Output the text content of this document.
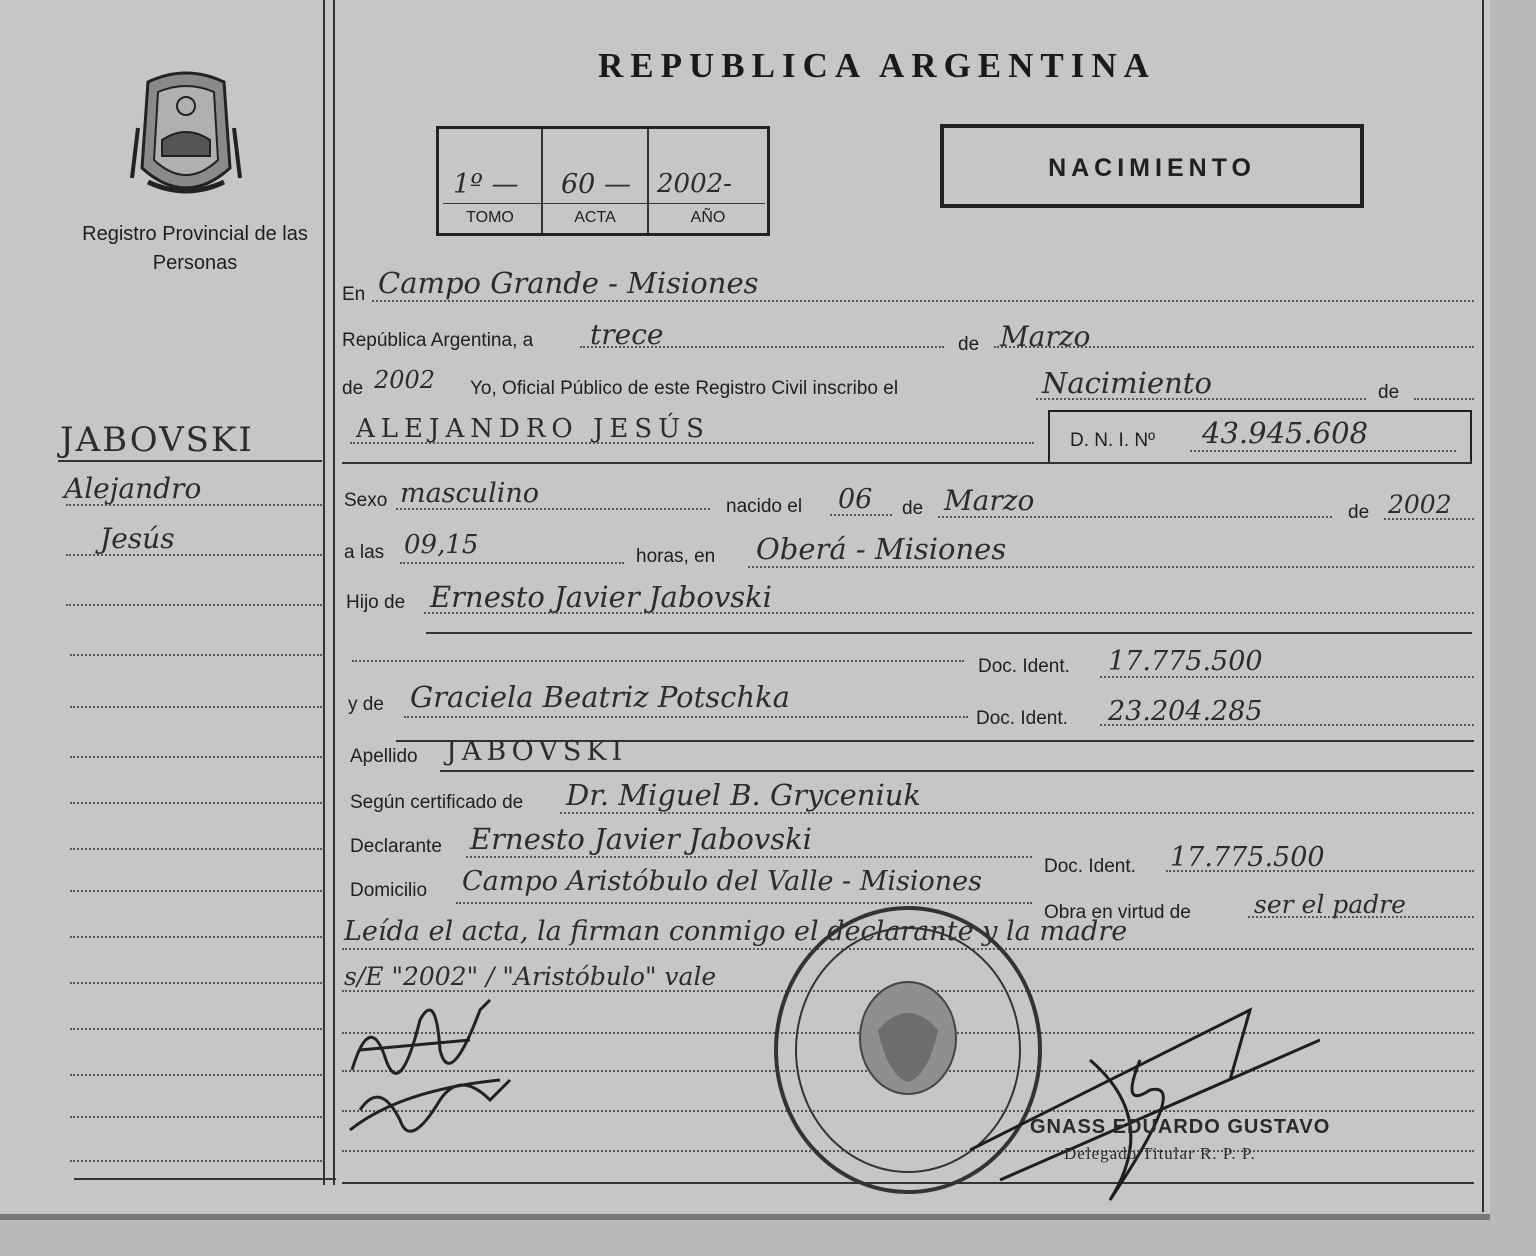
Registro Provincial de las Personas
JABOVSKI
Alejandro
Jesús
REPUBLICA ARGENTINA
1º — 60 — 2002-
TOMO	ACTA	AÑO
NACIMIENTO
En Campo Grande - Misiones
República Argentina, a trece	de Marzo
de 2002 Yo, Oficial Público de este Registro Civil inscribo el	Nacimiento	de
ALEJANDRO JESÚS	D. N. I. Nº 43.945.608
Sexo masculino	nacido el 06 de Marzo	de 2002
a las 09,15	horas, en Oberá - Misiones
Hijo de Ernesto Javier Jabovski
Doc. Ident. 17.775.500
y de Graciela Beatriz Potschka
Doc. Ident. 23.204.285
Apellido JABOVSKI
Según certificado de Dr. Miguel B. Gryceniuk
Declarante Ernesto Javier Jabovski
Doc. Ident. 17.775.500
Domicilio Campo Aristóbulo del Valle - Misiones
Obra en virtud de	ser el padre
Leída el acta, la firman conmigo el declarante y la madre
s/E "2002" / "Aristóbulo" vale
GNASS EDUARDO GUSTAVO
Delegado Titular R. P. P.
